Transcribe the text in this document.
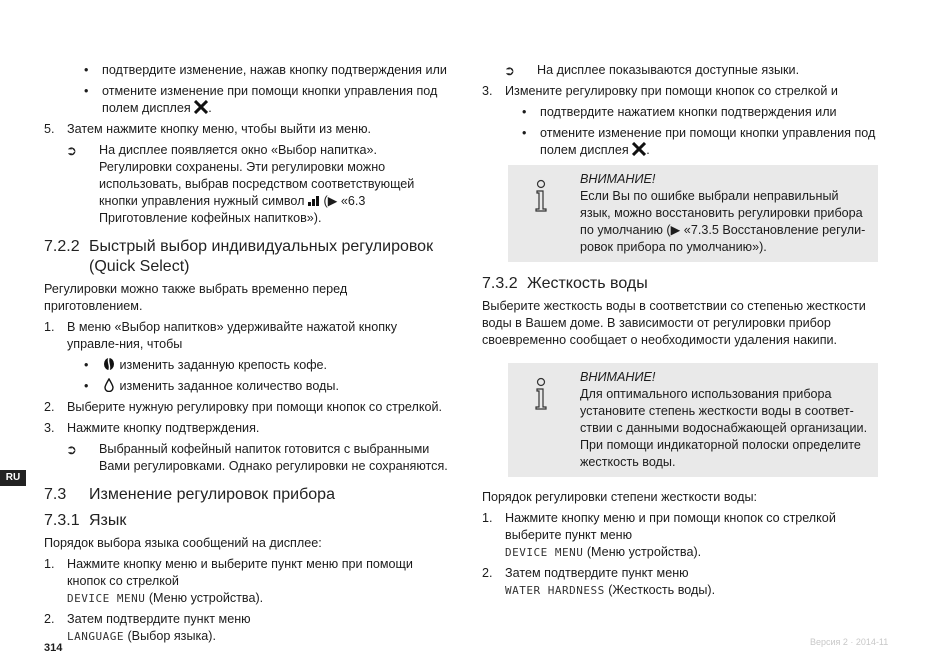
RU
• подтвердите изменение, нажав кнопку подтверждения или
• отмените изменение при помощи кнопки управления под полем дисплея .
5. Затем нажмите кнопку меню, чтобы выйти из меню.
➲ На дисплее появляется окно «Выбор напитка». Регулировки сохранены. Эти регулировки можно использовать, выбрав посредством соответствующей кнопки управления нужный символ (▶ «6.3 Приготовление кофейных напитков»).
7.2.2 Быстрый выбор индивидуальных регулировок (Quick Select)

Регулировки можно также выбрать временно перед приготовлением.

1. В меню «Выбор напитков» удерживайте нажатой кнопку управле-ния, чтобы
• изменить заданную крепость кофе.
• изменить заданное количество воды.
2. Выберите нужную регулировку при помощи кнопок со стрелкой.
3. Нажмите кнопку подтверждения.
➲ Выбранный кофейный напиток готовится с выбранными Вами регулировками. Однако регулировки не сохраняются.
7.3 Изменение регулировок прибора
7.3.1 Язык

Порядок выбора языка сообщений на дисплее:

1. Нажмите кнопку меню и выберите пункт меню при помощи кнопок со стрелкой
DEVICE MENU (Меню устройства).
2. Затем подтвердите пункт меню
LANGUAGE (Выбор языка).
➲ На дисплее показываются доступные языки.
3. Измените регулировку при помощи кнопок со стрелкой и
• подтвердите нажатием кнопки подтверждения или
• отмените изменение при помощи кнопки управления под полем дисплея .
ВНИМАНИЕ!
Если Вы по ошибке выбрали неправильный язык, можно восстановить регулировки прибора по умолчанию (▶ «7.3.5 Восстановление регули-ровок прибора по умолчанию»).
7.3.2 Жесткость воды

Выберите жесткость воды в соответствии со степенью жесткости воды в Вашем доме. В зависимости от регулировки прибор своевременно сообщает о необходимости удаления накипи.

ВНИМАНИЕ!
Для оптимального использования прибора установите степень жесткости воды в соответ-ствии с данными водоснабжающей организации. При помощи индикаторной полоски определите жесткость воды.

Порядок регулировки степени жесткости воды:

1. Нажмите кнопку меню и при помощи кнопок со стрелкой выберите пункт меню
DEVICE MENU (Меню устройства).
2. Затем подтвердите пункт меню
WATER HARDNESS (Жесткость воды).
314	Версия 2 · 2014-11
